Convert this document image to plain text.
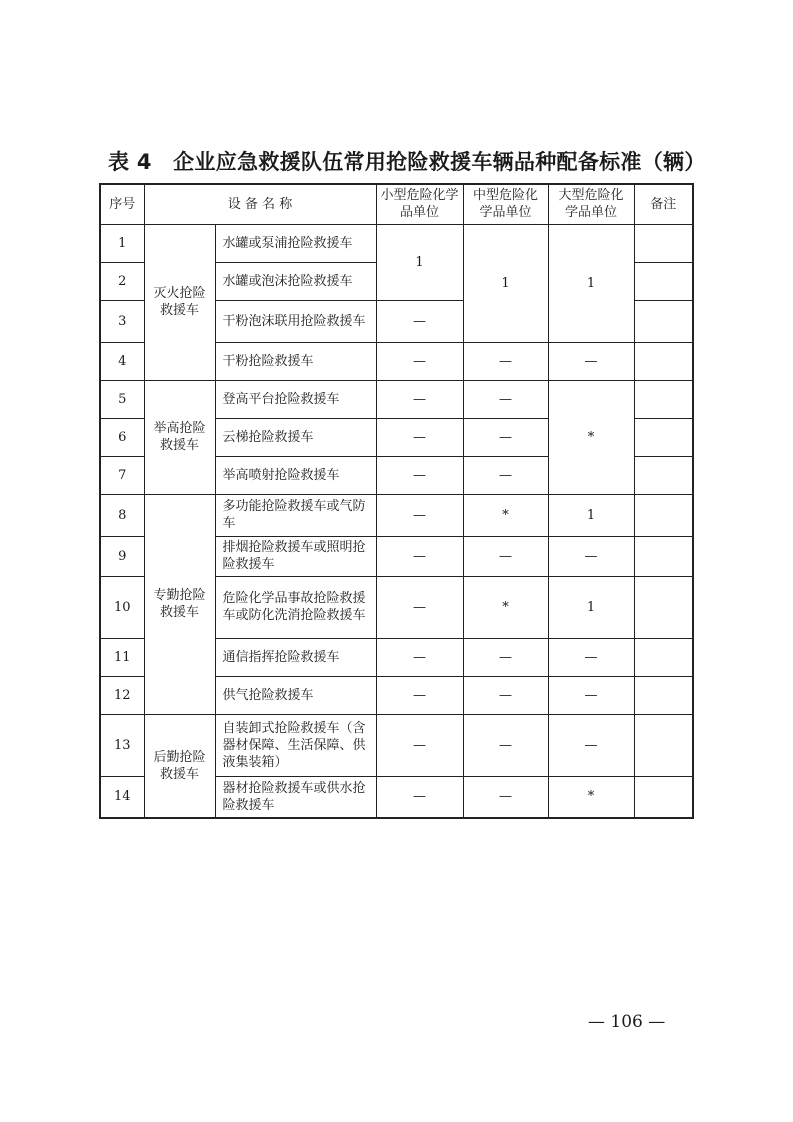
表 4　企业应急救援队伍常用抢险救援车辆品种配备标准（辆）
序号	设 备 名 称		小型危险化学品单位	中型危险化学品单位	大型危险化学品单位	备注
1	灭火抢险救援车	水罐或泵浦抢险救援车	1	1	1	
2		水罐或泡沫抢险救援车				
3		干粉泡沫联用抢险救援车	—			
4		干粉抢险救援车	—	—	—	
5	举高抢险救援车	登高平台抢险救援车	—	—	*	
6		云梯抢险救援车	—	—		
7		举高喷射抢险救援车	—	—		
8	专勤抢险救援车	多功能抢险救援车或气防车	—	*	1	
9		排烟抢险救援车或照明抢险救援车	—	—	—	
10		危险化学品事故抢险救援车或防化洗消抢险救援车	—	*	1	
11		通信指挥抢险救援车	—	—	—	
12		供气抢险救援车	—	—	—	
13	后勤抢险救援车	自装卸式抢险救援车（含器材保障、生活保障、供液集装箱）	—	—	—	
14		器材抢险救援车或供水抢险救援车	—	—	*	
— 106 —
